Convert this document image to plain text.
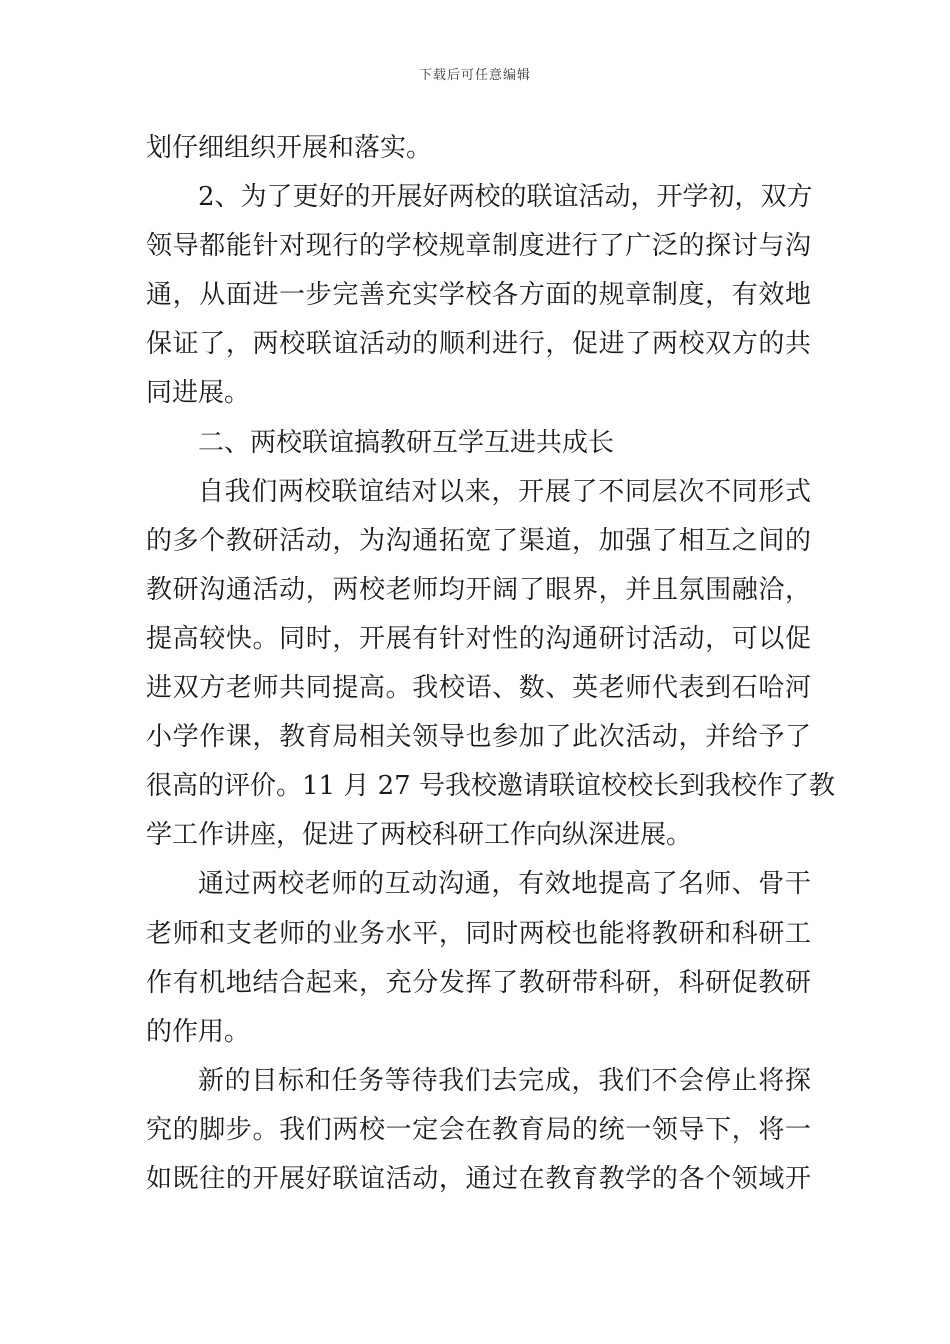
下载后可任意编辑
划仔细组织开展和落实。
2、为了更好的开展好两校的联谊活动，开学初，双方
领导都能针对现行的学校规章制度进行了广泛的探讨与沟
通，从面进一步完善充实学校各方面的规章制度，有效地
保证了，两校联谊活动的顺利进行，促进了两校双方的共
同进展。
二、两校联谊搞教研互学互进共成长
自我们两校联谊结对以来，开展了不同层次不同形式
的多个教研活动，为沟通拓宽了渠道，加强了相互之间的
教研沟通活动，两校老师均开阔了眼界，并且氛围融洽，
提高较快。同时，开展有针对性的沟通研讨活动，可以促
进双方老师共同提高。我校语、数、英老师代表到石哈河
小学作课，教育局相关领导也参加了此次活动，并给予了
很高的评价。11 月 27 号我校邀请联谊校校长到我校作了教
学工作讲座，促进了两校科研工作向纵深进展。
通过两校老师的互动沟通，有效地提高了名师、骨干
老师和支老师的业务水平，同时两校也能将教研和科研工
作有机地结合起来，充分发挥了教研带科研，科研促教研
的作用。
新的目标和任务等待我们去完成，我们不会停止将探
究的脚步。我们两校一定会在教育局的统一领导下，将一
如既往的开展好联谊活动，通过在教育教学的各个领域开
